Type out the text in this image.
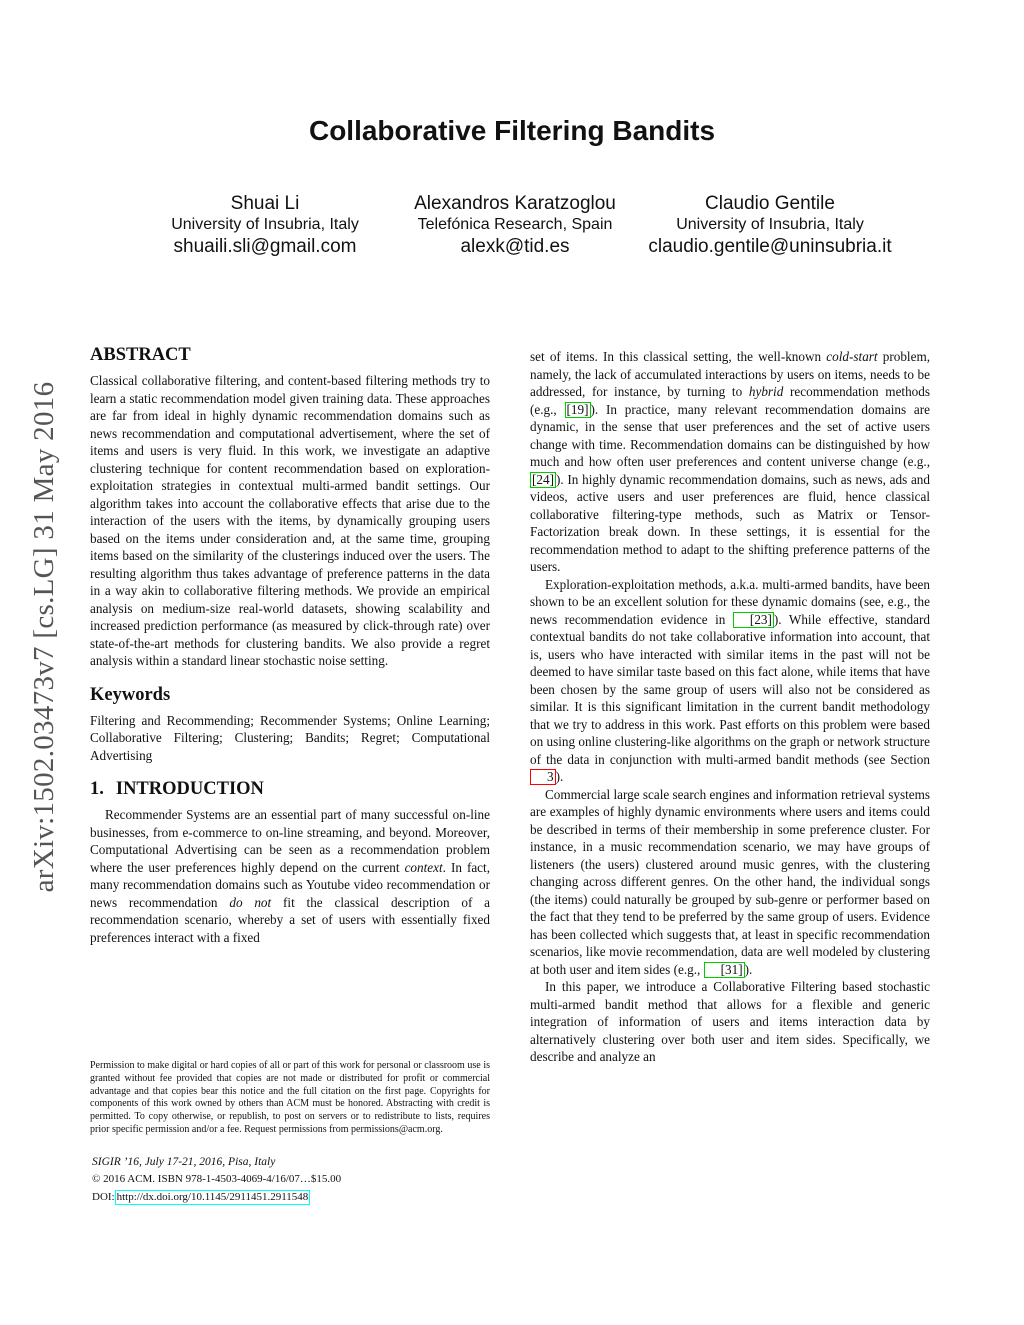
arXiv:1502.03473v7 [cs.LG] 31 May 2016
Collaborative Filtering Bandits
Shuai Li
University of Insubria, Italy
shuaili.sli@gmail.com
Alexandros Karatzoglou
Telefónica Research, Spain
alexk@tid.es
Claudio Gentile
University of Insubria, Italy
claudio.gentile@uninsubria.it
ABSTRACT

Classical collaborative filtering, and content-based filtering methods try to learn a static recommendation model given training data. These approaches are far from ideal in highly dynamic recommendation domains such as news recommendation and computational advertisement, where the set of items and users is very fluid. In this work, we investigate an adaptive clustering technique for content recommendation based on exploration-exploitation strategies in contextual multi-armed bandit settings. Our algorithm takes into account the collaborative effects that arise due to the interaction of the users with the items, by dynamically grouping users based on the items under consideration and, at the same time, grouping items based on the similarity of the clusterings induced over the users. The resulting algorithm thus takes advantage of preference patterns in the data in a way akin to collaborative filtering methods. We provide an empirical analysis on medium-size real-world datasets, showing scalability and increased prediction performance (as measured by click-through rate) over state-of-the-art methods for clustering bandits. We also provide a regret analysis within a standard linear stochastic noise setting.

Keywords

Filtering and Recommending; Recommender Systems; Online Learning; Collaborative Filtering; Clustering; Bandits; Regret; Computational Advertising

1. INTRODUCTION

Recommender Systems are an essential part of many successful on-line businesses, from e-commerce to on-line streaming, and beyond. Moreover, Computational Advertising can be seen as a recommendation problem where the user preferences highly depend on the current context. In fact, many recommendation domains such as Youtube video recommendation or news recommendation do not fit the classical description of a recommendation scenario, whereby a set of users with essentially fixed preferences interact with a fixed

Permission to make digital or hard copies of all or part of this work for personal or classroom use is granted without fee provided that copies are not made or distributed for profit or commercial advantage and that copies bear this notice and the full citation on the first page. Copyrights for components of this work owned by others than ACM must be honored. Abstracting with credit is permitted. To copy otherwise, or republish, to post on servers or to redistribute to lists, requires prior specific permission and/or a fee. Request permissions from permissions@acm.org.
SIGIR ’16, July 17-21, 2016, Pisa, Italy
© 2016 ACM. ISBN 978-1-4503-4069-4/16/07…$15.00
DOI: http://dx.doi.org/10.1145/2911451.2911548

set of items. In this classical setting, the well-known cold-start problem, namely, the lack of accumulated interactions by users on items, needs to be addressed, for instance, by turning to hybrid recommendation methods (e.g., [19] ). In practice, many relevant recommendation domains are dynamic, in the sense that user preferences and the set of active users change with time. Recommendation domains can be distinguished by how much and how often user preferences and content universe change (e.g., [24] ). In highly dynamic recommendation domains, such as news, ads and videos, active users and user preferences are fluid, hence classical collaborative filtering-type methods, such as Matrix or Tensor-Factorization break down. In these settings, it is essential for the recommendation method to adapt to the shifting preference patterns of the users.

Exploration-exploitation methods, a.k.a. multi-armed bandits, have been shown to be an excellent solution for these dynamic domains (see, e.g., the news recommendation evidence in [23] ). While effective, standard contextual bandits do not take collaborative information into account, that is, users who have interacted with similar items in the past will not be deemed to have similar taste based on this fact alone, while items that have been chosen by the same group of users will also not be considered as similar. It is this significant limitation in the current bandit methodology that we try to address in this work. Past efforts on this problem were based on using online clustering-like algorithms on the graph or network structure of the data in conjunction with multi-armed bandit methods (see Section 3 ).

Commercial large scale search engines and information retrieval systems are examples of highly dynamic environments where users and items could be described in terms of their membership in some preference cluster. For instance, in a music recommendation scenario, we may have groups of listeners (the users) clustered around music genres, with the clustering changing across different genres. On the other hand, the individual songs (the items) could naturally be grouped by sub-genre or performer based on the fact that they tend to be preferred by the same group of users. Evidence has been collected which suggests that, at least in specific recommendation scenarios, like movie recommendation, data are well modeled by clustering at both user and item sides (e.g., [31] ).

In this paper, we introduce a Collaborative Filtering based stochastic multi-armed bandit method that allows for a flexible and generic integration of information of users and items interaction data by alternatively clustering over both user and item sides. Specifically, we describe and analyze an
